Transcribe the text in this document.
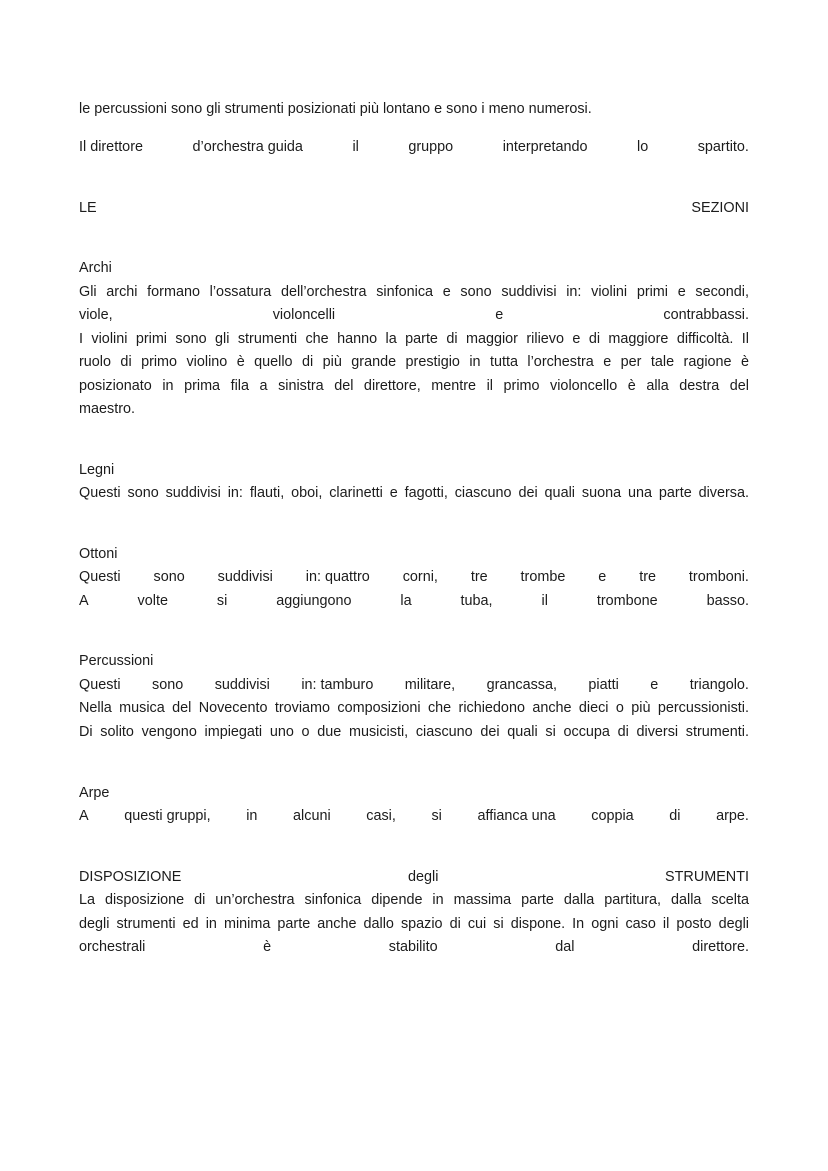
le percussioni sono gli strumenti posizionati più lontano e sono i meno numerosi.
Il direttore	d’orchestra guida	il	gruppo	interpretando	lo	spartito.
LE	SEZIONI
Archi
Gli archi formano l’ossatura dell’orchestra sinfonica e sono suddivisi in: violini primi e secondi,
viole,	violoncelli	e	contrabbassi.
I violini primi sono gli strumenti che hanno la parte di maggior rilievo e di maggiore difficoltà. Il
ruolo di primo violino è quello di più grande prestigio in tutta l’orchestra e per tale ragione è
posizionato in prima fila a sinistra del direttore, mentre il primo violoncello è alla destra del
maestro.
Legni
Questi sono suddivisi in: flauti, oboi, clarinetti e fagotti, ciascuno dei quali suona una parte diversa.
Ottoni
Questi sono suddivisi in: quattro corni, tre trombe e tre tromboni.
A	volte	si	aggiungono	la	tuba,	il	trombone	basso.
Percussioni
Questi sono suddivisi in: tamburo militare, grancassa, piatti e triangolo.
Nella musica del Novecento troviamo composizioni che richiedono anche dieci o più percussionisti.
Di solito vengono impiegati uno o due musicisti, ciascuno dei quali si occupa di diversi strumenti.
Arpe
A questi gruppi, in alcuni casi, si affianca una coppia di arpe.
DISPOSIZIONE	degli	STRUMENTI
La disposizione di un’orchestra sinfonica dipende in massima parte dalla partitura, dalla scelta
degli strumenti ed in minima parte anche dallo spazio di cui si dispone. In ogni caso il posto degli
orchestrali	è	stabilito	dal	direttore.
